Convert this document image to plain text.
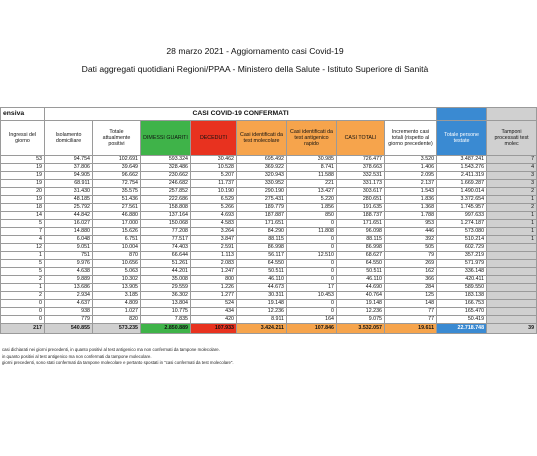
28 marzo 2021 - Aggiornamento casi Covid-19
Dati aggregati quotidiani Regioni/PPAA - Ministero della Salute - Istituto Superiore di Sanità
ensiva	CASI COVID-19 CONFERMATI									
Ingressi del giorno	Isolamento domiciliare	Totale attualmente positivi	DIMESSI GUARITI	DECEDUTI	Casi identificati da test molecolare	Casi identificati da test antigenico rapido	CASI TOTALI	Incremento casi totali (rispetto al giorno precedente)	Totale persone testate	Tamponi processati test molec
53	94.754	102.691	593.324	30.462	695.492	30.985	726.477	3.520	3.487.241	7
19	37.806	39.649	328.486	10.528	369.922	8.741	378.663	1.406	1.543.276	4
19	94.905	96.662	230.662	5.207	320.943	11.588	332.531	2.095	2.411.319	3
19	68.911	72.754	246.682	11.737	330.952	221	331.173	2.137	1.669.287	3
20	31.430	35.575	257.852	10.190	290.190	13.427	303.617	1.543	1.490.014	2
19	48.185	51.436	222.686	6.529	275.431	5.220	280.651	1.836	3.372.654	1
18	25.792	27.561	158.808	5.266	189.779	1.856	191.635	1.368	1.745.957	2
14	44.842	46.880	137.164	4.693	187.887	850	188.737	1.788	997.633	1
5	16.027	17.000	150.068	4.583	171.651	0	171.651	953	1.274.187	1
7	14.880	15.626	77.208	3.264	84.290	11.808	96.098	446	573.080	1
4	6.048	6.751	77.517	3.847	88.115	0	88.115	392	510.214	1
12	9.051	10.004	74.403	2.591	86.998	0	86.998	505	602.729	
1	751	870	66.644	1.113	56.117	12.510	68.627	79	357.219	
5	9.976	10.656	51.261	2.083	64.550	0	64.550	269	571.979	
5	4.638	5.063	44.201	1.247	50.511	0	50.511	162	336.148	
2	9.889	10.302	35.008	800	46.110	0	46.110	366	420.411	
1	13.686	13.905	29.559	1.226	44.673	17	44.690	284	589.550	
2	2.934	3.185	36.302	1.277	30.311	10.453	40.764	125	183.138	
0	4.637	4.809	13.804	524	19.148	0	19.148	148	166.753	
0	938	1.027	10.775	434	12.236	0	12.236	77	165.470	
0	779	820	7.835	420	8.911	164	9.075	77	50.419	
217	540.855	573.235	2.850.889	107.933	3.424.211	107.846	3.532.057	19.611	22.718.748	39
casi dichiarati nei giorni precedenti, in quanto positivi al test antigenico ma non confermati da tampone molecolare.
in quanto positivi al test antigenico ma non confermati da tampone molecolare.
giorni precedenti, sono stati confermati da tampone molecolare e pertanto spostati in "casi confermati da test molecolare".
